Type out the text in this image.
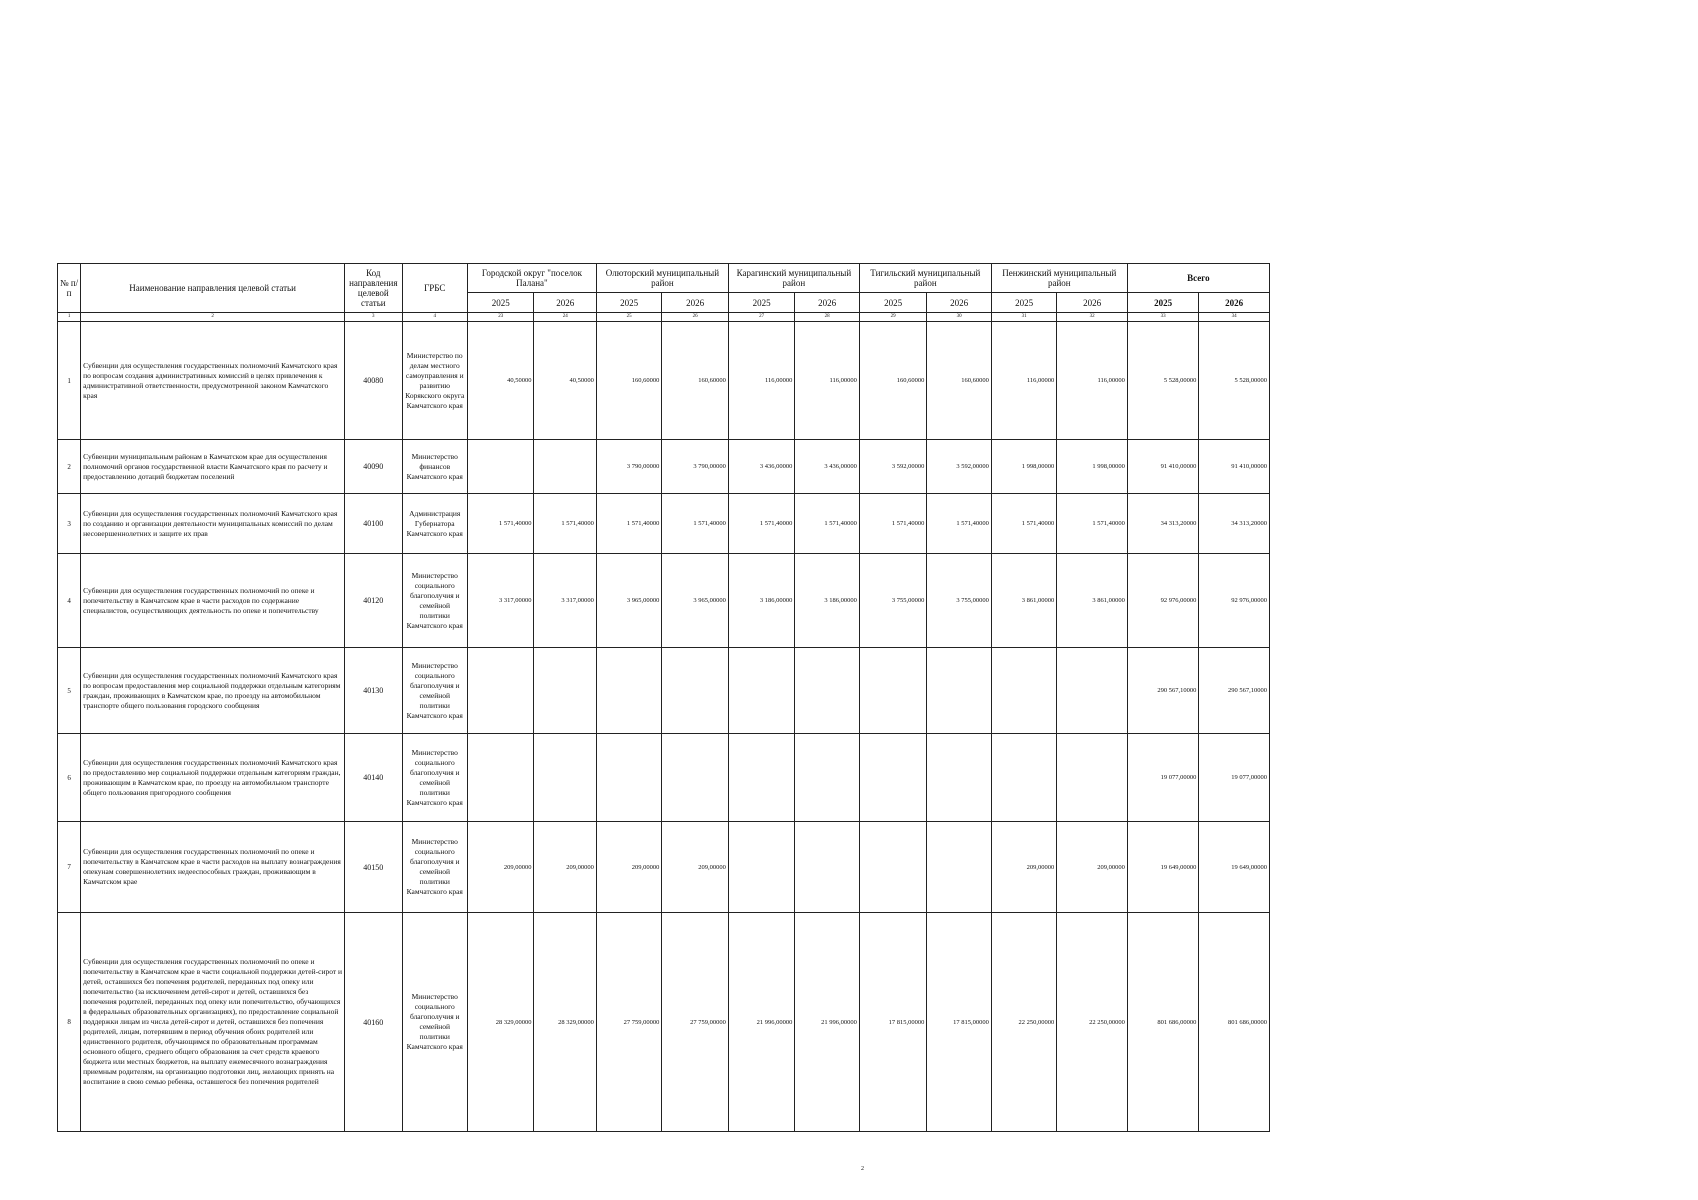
№ п/п	Наименование направления целевой статьи	Код направления целевой статьи	ГРБС	Городской округ "поселок Палана"		Олюторский муниципальный район		Карагинский муниципальный район		Тигильский муниципальный район		Пенжинский муниципальный район		Всего	
				2025	2026	2025	2026	2025	2026	2025	2026	2025	2026	2025	2026
1	2	3	4	23	24	25	26	27	28	29	30	31	32	33	34
1	Субвенции для осуществления государственных полномочий Камчатского края по вопросам создания административных комиссий в целях привлечения к административной ответственности, предусмотренной законом Камчатского края	40080	Министерство по делам местного самоуправления и развитию Корякского округа Камчатского края	40,50000	40,50000	160,60000	160,60000	116,00000	116,00000	160,60000	160,60000	116,00000	116,00000	5 528,00000	5 528,00000
2	Субвенции муниципальным районам в Камчатском крае для осуществления полномочий органов государственной власти Камчатского края по расчету и предоставлению дотаций бюджетам поселений	40090	Министерство финансов Камчатского края			3 790,00000	3 790,00000	3 436,00000	3 436,00000	3 592,00000	3 592,00000	1 998,00000	1 998,00000	91 410,00000	91 410,00000
3	Субвенции для осуществления государственных полномочий Камчатского края по созданию и организации деятельности муниципальных комиссий по делам несовершеннолетних и защите их прав	40100	Администрация Губернатора Камчатского края	1 571,40000	1 571,40000	1 571,40000	1 571,40000	1 571,40000	1 571,40000	1 571,40000	1 571,40000	1 571,40000	1 571,40000	34 313,20000	34 313,20000
4	Субвенции для осуществления государственных полномочий по опеке и попечительству в Камчатском крае в части расходов по содержание специалистов, осуществляющих деятельность по опеке и попечительству	40120	Министерство социального благополучия и семейной политики Камчатского края	3 317,00000	3 317,00000	3 965,00000	3 965,00000	3 186,00000	3 186,00000	3 755,00000	3 755,00000	3 861,00000	3 861,00000	92 976,00000	92 976,00000
5	Субвенции для осуществления государственных полномочий Камчатского края по вопросам предоставления мер социальной поддержки отдельным категориям граждан, проживающих в Камчатском крае, по проезду на автомобильном транспорте общего пользования городского сообщения	40130	Министерство социального благополучия и семейной политики Камчатского края											290 567,10000	290 567,10000
6	Субвенции для осуществления государственных полномочий Камчатского края по предоставлению мер социальной поддержки отдельным категориям граждан, проживающим в Камчатском крае, по проезду на автомобильном транспорте общего пользования пригородного сообщения	40140	Министерство социального благополучия и семейной политики Камчатского края											19 077,00000	19 077,00000
7	Субвенции для осуществления государственных полномочий по опеке и попечительству в Камчатском крае в части расходов на выплату вознаграждения опекунам совершеннолетних недееспособных граждан, проживающим в Камчатском крае	40150	Министерство социального благополучия и семейной политики Камчатского края	209,00000	209,00000	209,00000	209,00000					209,00000	209,00000	19 649,00000	19 649,00000
8	Субвенции для осуществления государственных полномочий по опеке и попечительству в Камчатском крае в части социальной поддержки детей-сирот и детей, оставшихся без попечения родителей, переданных под опеку или попечительство (за исключением детей-сирот и детей, оставшихся без попечения родителей, переданных под опеку или попечительство, обучающихся в федеральных образовательных организациях), по предоставление социальной поддержки лицам из числа детей-сирот и детей, оставшихся без попечения родителей, лицам, потерявшим в период обучения обоих родителей или единственного родителя, обучающимся по образовательным программам основного общего, среднего общего образования за счет средств краевого бюджета или местных бюджетов, на выплату ежемесячного вознаграждения приемным родителям, на организацию подготовки лиц, желающих принять на воспитание в свою семью ребенка, оставшегося без попечения родителей	40160	Министерство социального благополучия и семейной политики Камчатского края	28 329,00000	28 329,00000	27 759,00000	27 759,00000	21 996,00000	21 996,00000	17 815,00000	17 815,00000	22 250,00000	22 250,00000	801 686,00000	801 686,00000
2
